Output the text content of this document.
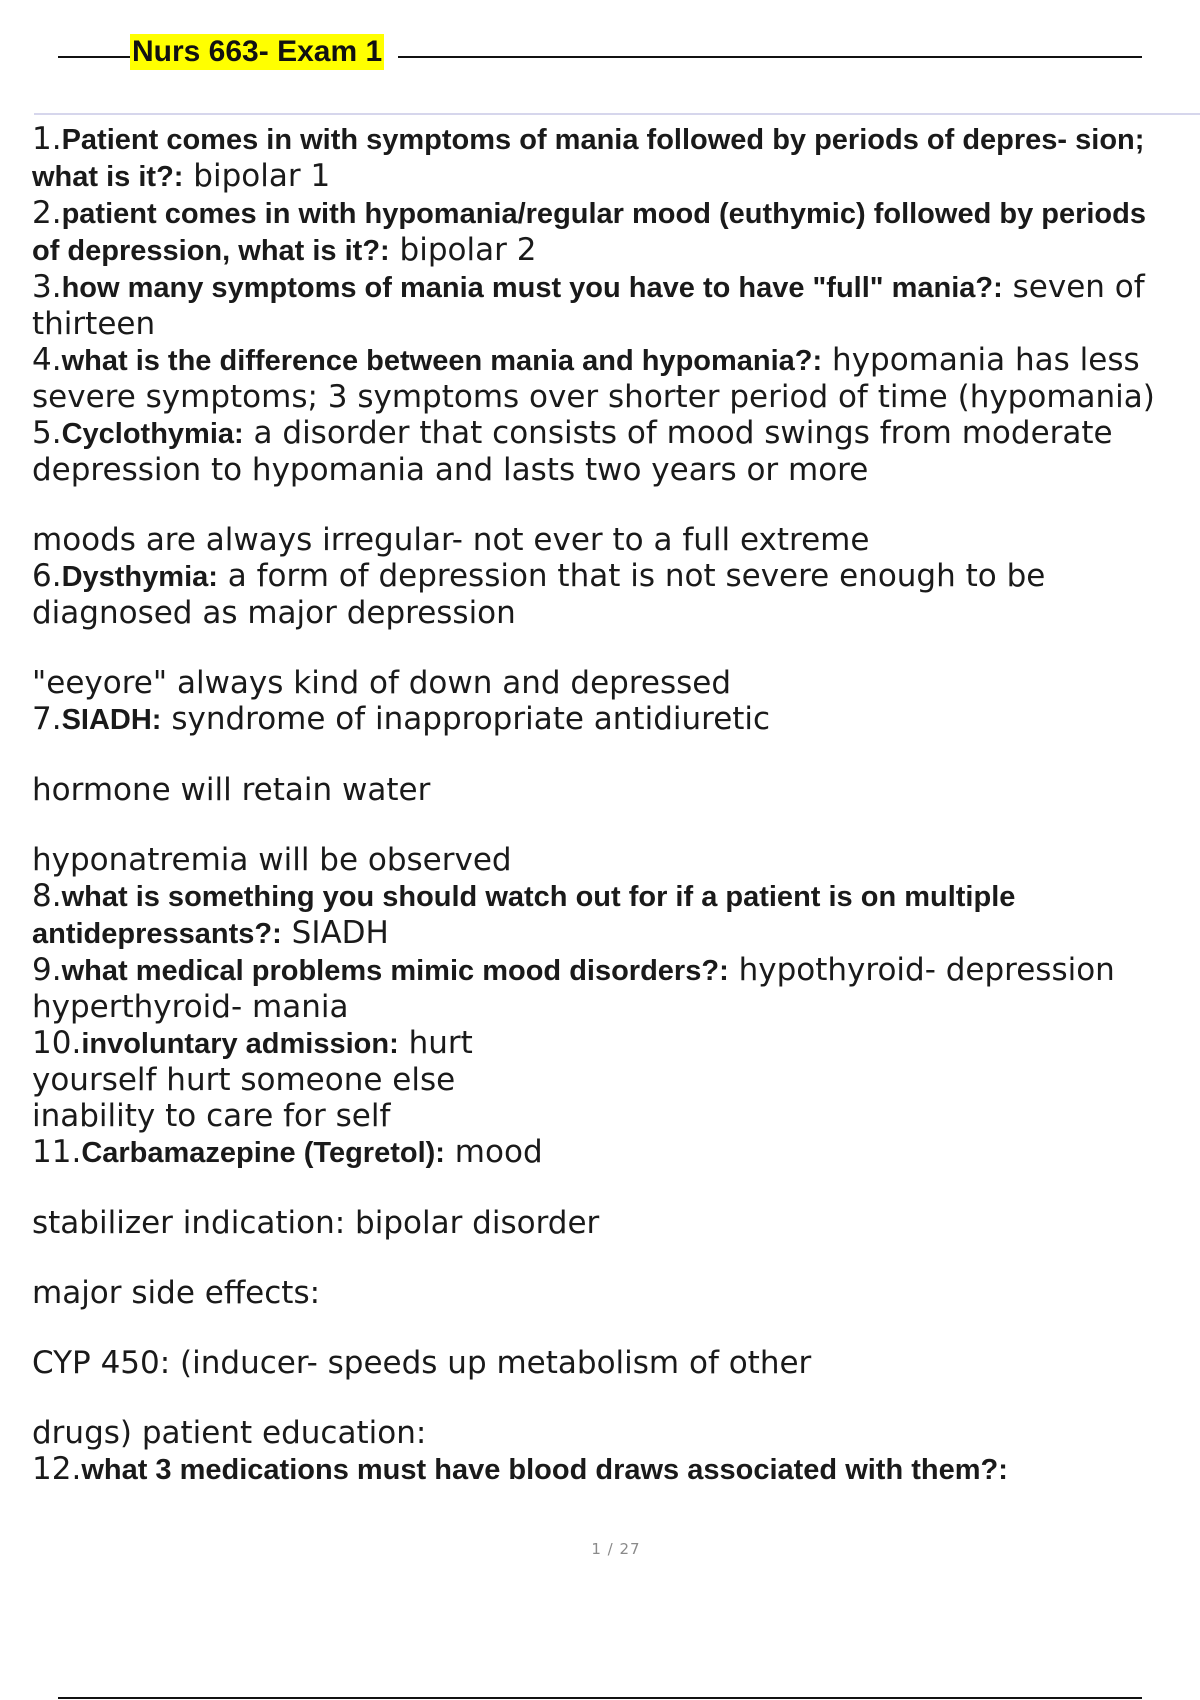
Nurs 663- Exam 1
1.Patient comes in with symptoms of mania followed by periods of depres- sion; what is it?: bipolar 1
2.patient comes in with hypomania/regular mood (euthymic) followed by periods of depression, what is it?: bipolar 2
3.how many symptoms of mania must you have to have "full" mania?: seven of thirteen
4.what is the difference between mania and hypomania?: hypomania has less severe symptoms; 3 symptoms over shorter period of time (hypomania)
5.Cyclothymia: a disorder that consists of mood swings from moderate depression to hypomania and lasts two years or more
moods are always irregular- not ever to a full extreme
6.Dysthymia: a form of depression that is not severe enough to be diagnosed as major depression
"eeyore" always kind of down and depressed
7.SIADH: syndrome of inappropriate antidiuretic
hormone will retain water
hyponatremia will be observed
8.what is something you should watch out for if a patient is on multiple antidepressants?: SIADH
9.what medical problems mimic mood disorders?: hypothyroid- depression hyperthyroid- mania
10.involuntary admission: hurt
yourself hurt someone else
inability to care for self
11.Carbamazepine (Tegretol): mood
stabilizer indication: bipolar disorder
major side effects:
CYP 450: (inducer- speeds up metabolism of other
drugs) patient education:
12.what 3 medications must have blood draws associated with them?:
1 / 27
